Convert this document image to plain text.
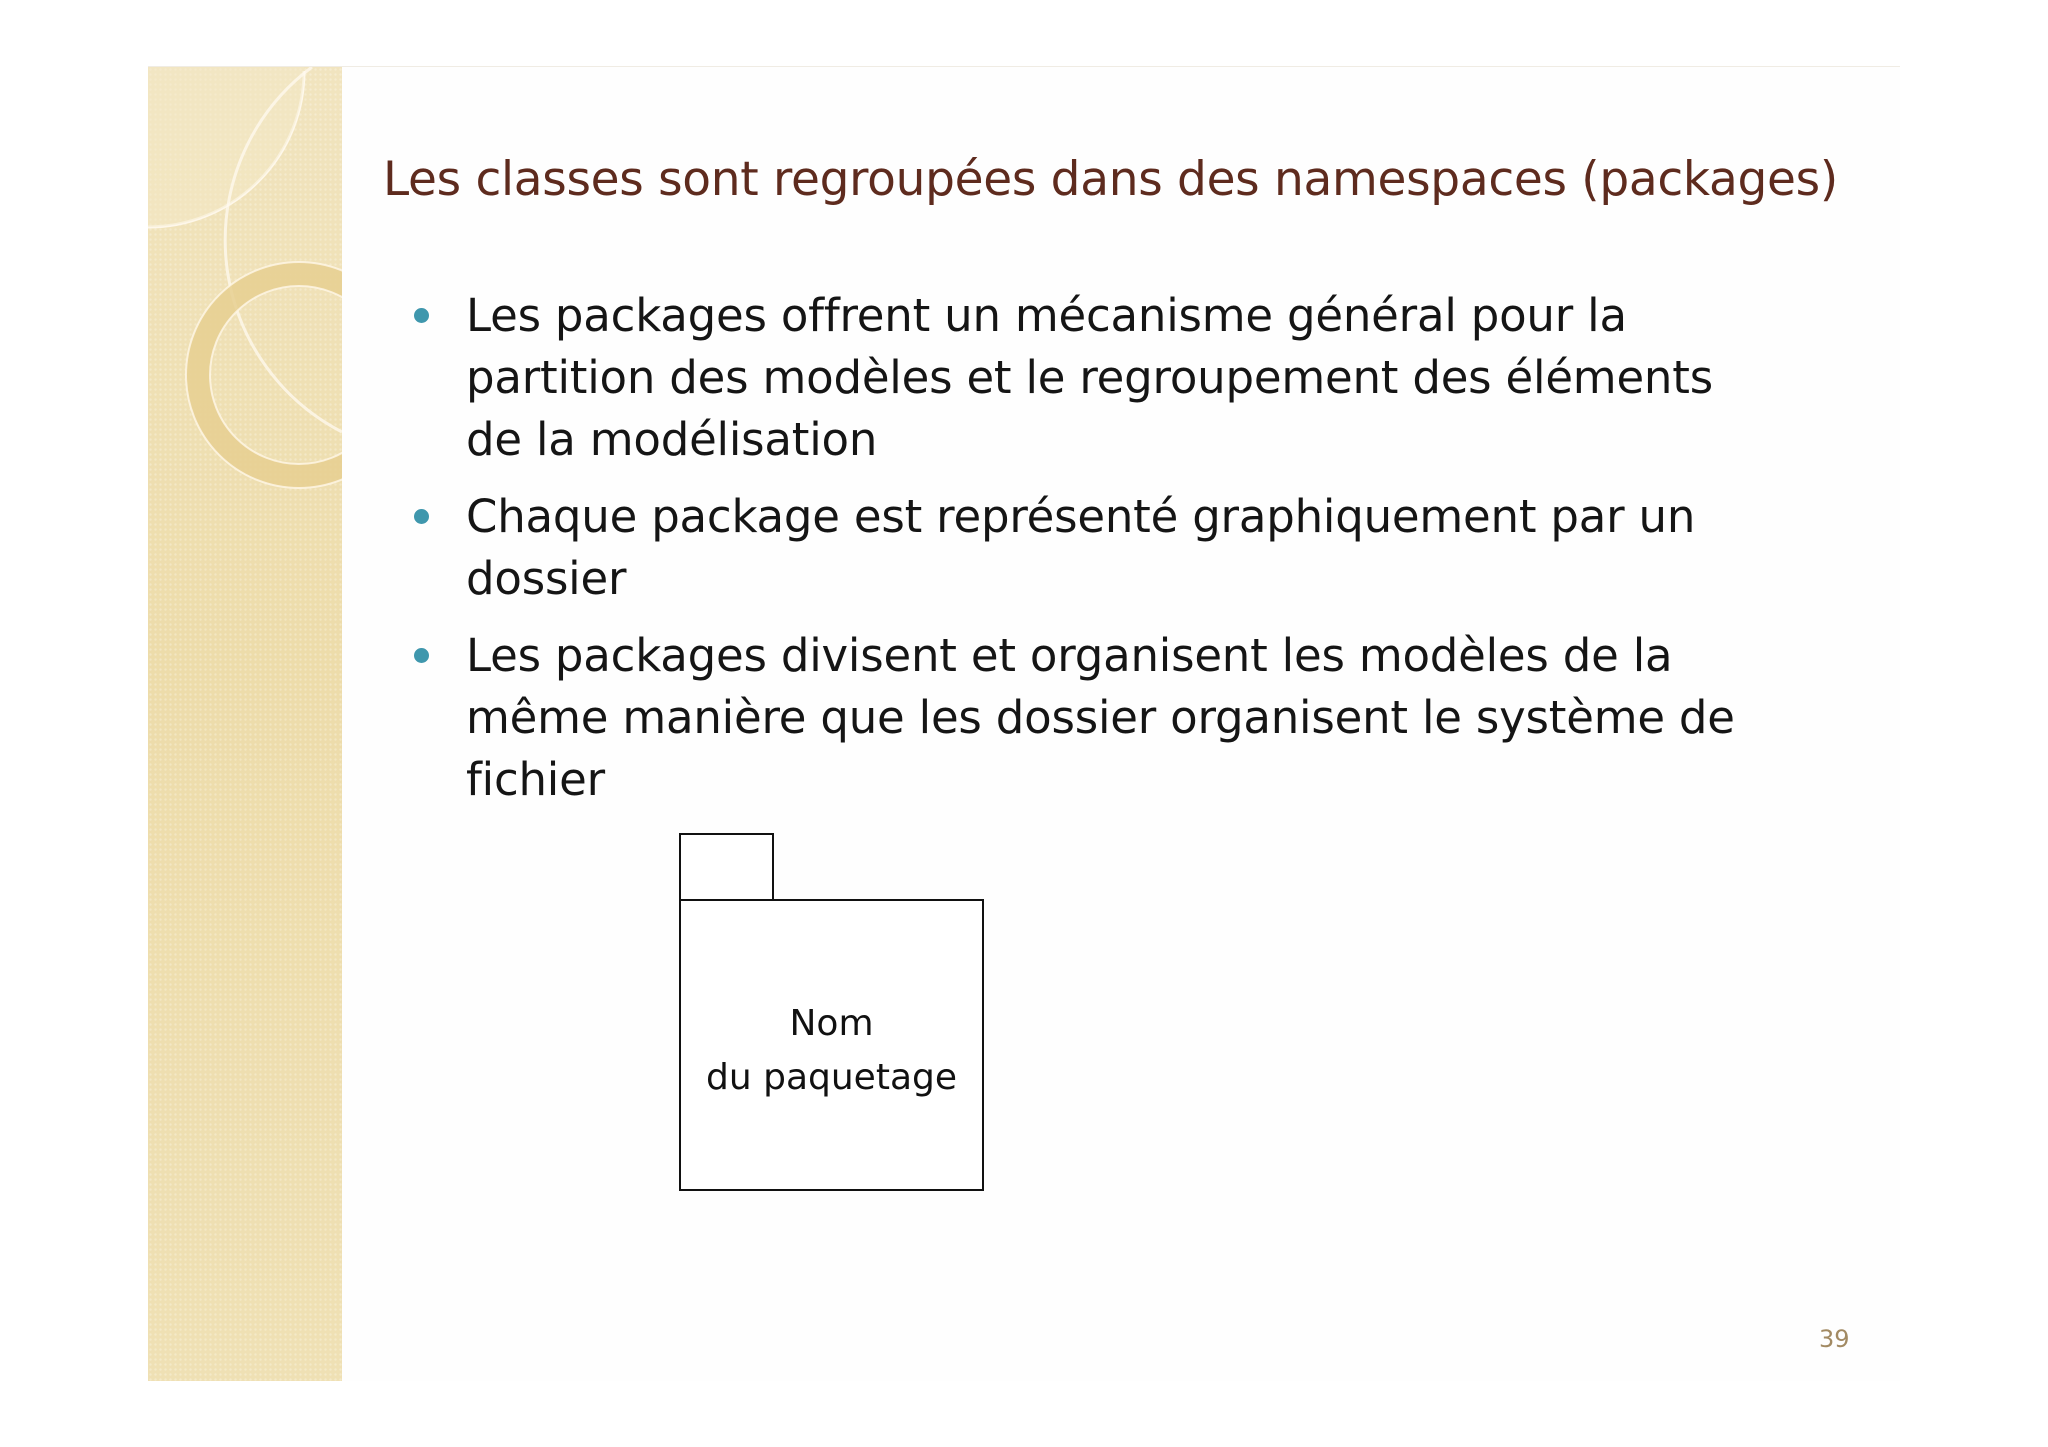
Les classes sont regroupées dans des namespaces (packages)
Les packages offrent un mécanisme général pour la partition des modèles et le regroupement des éléments de la modélisation
Chaque package est représenté graphiquement par un dossier
Les packages divisent et organisent les modèles de la même manière que les dossier organisent le système de fichier
Nom
du paquetage
39
